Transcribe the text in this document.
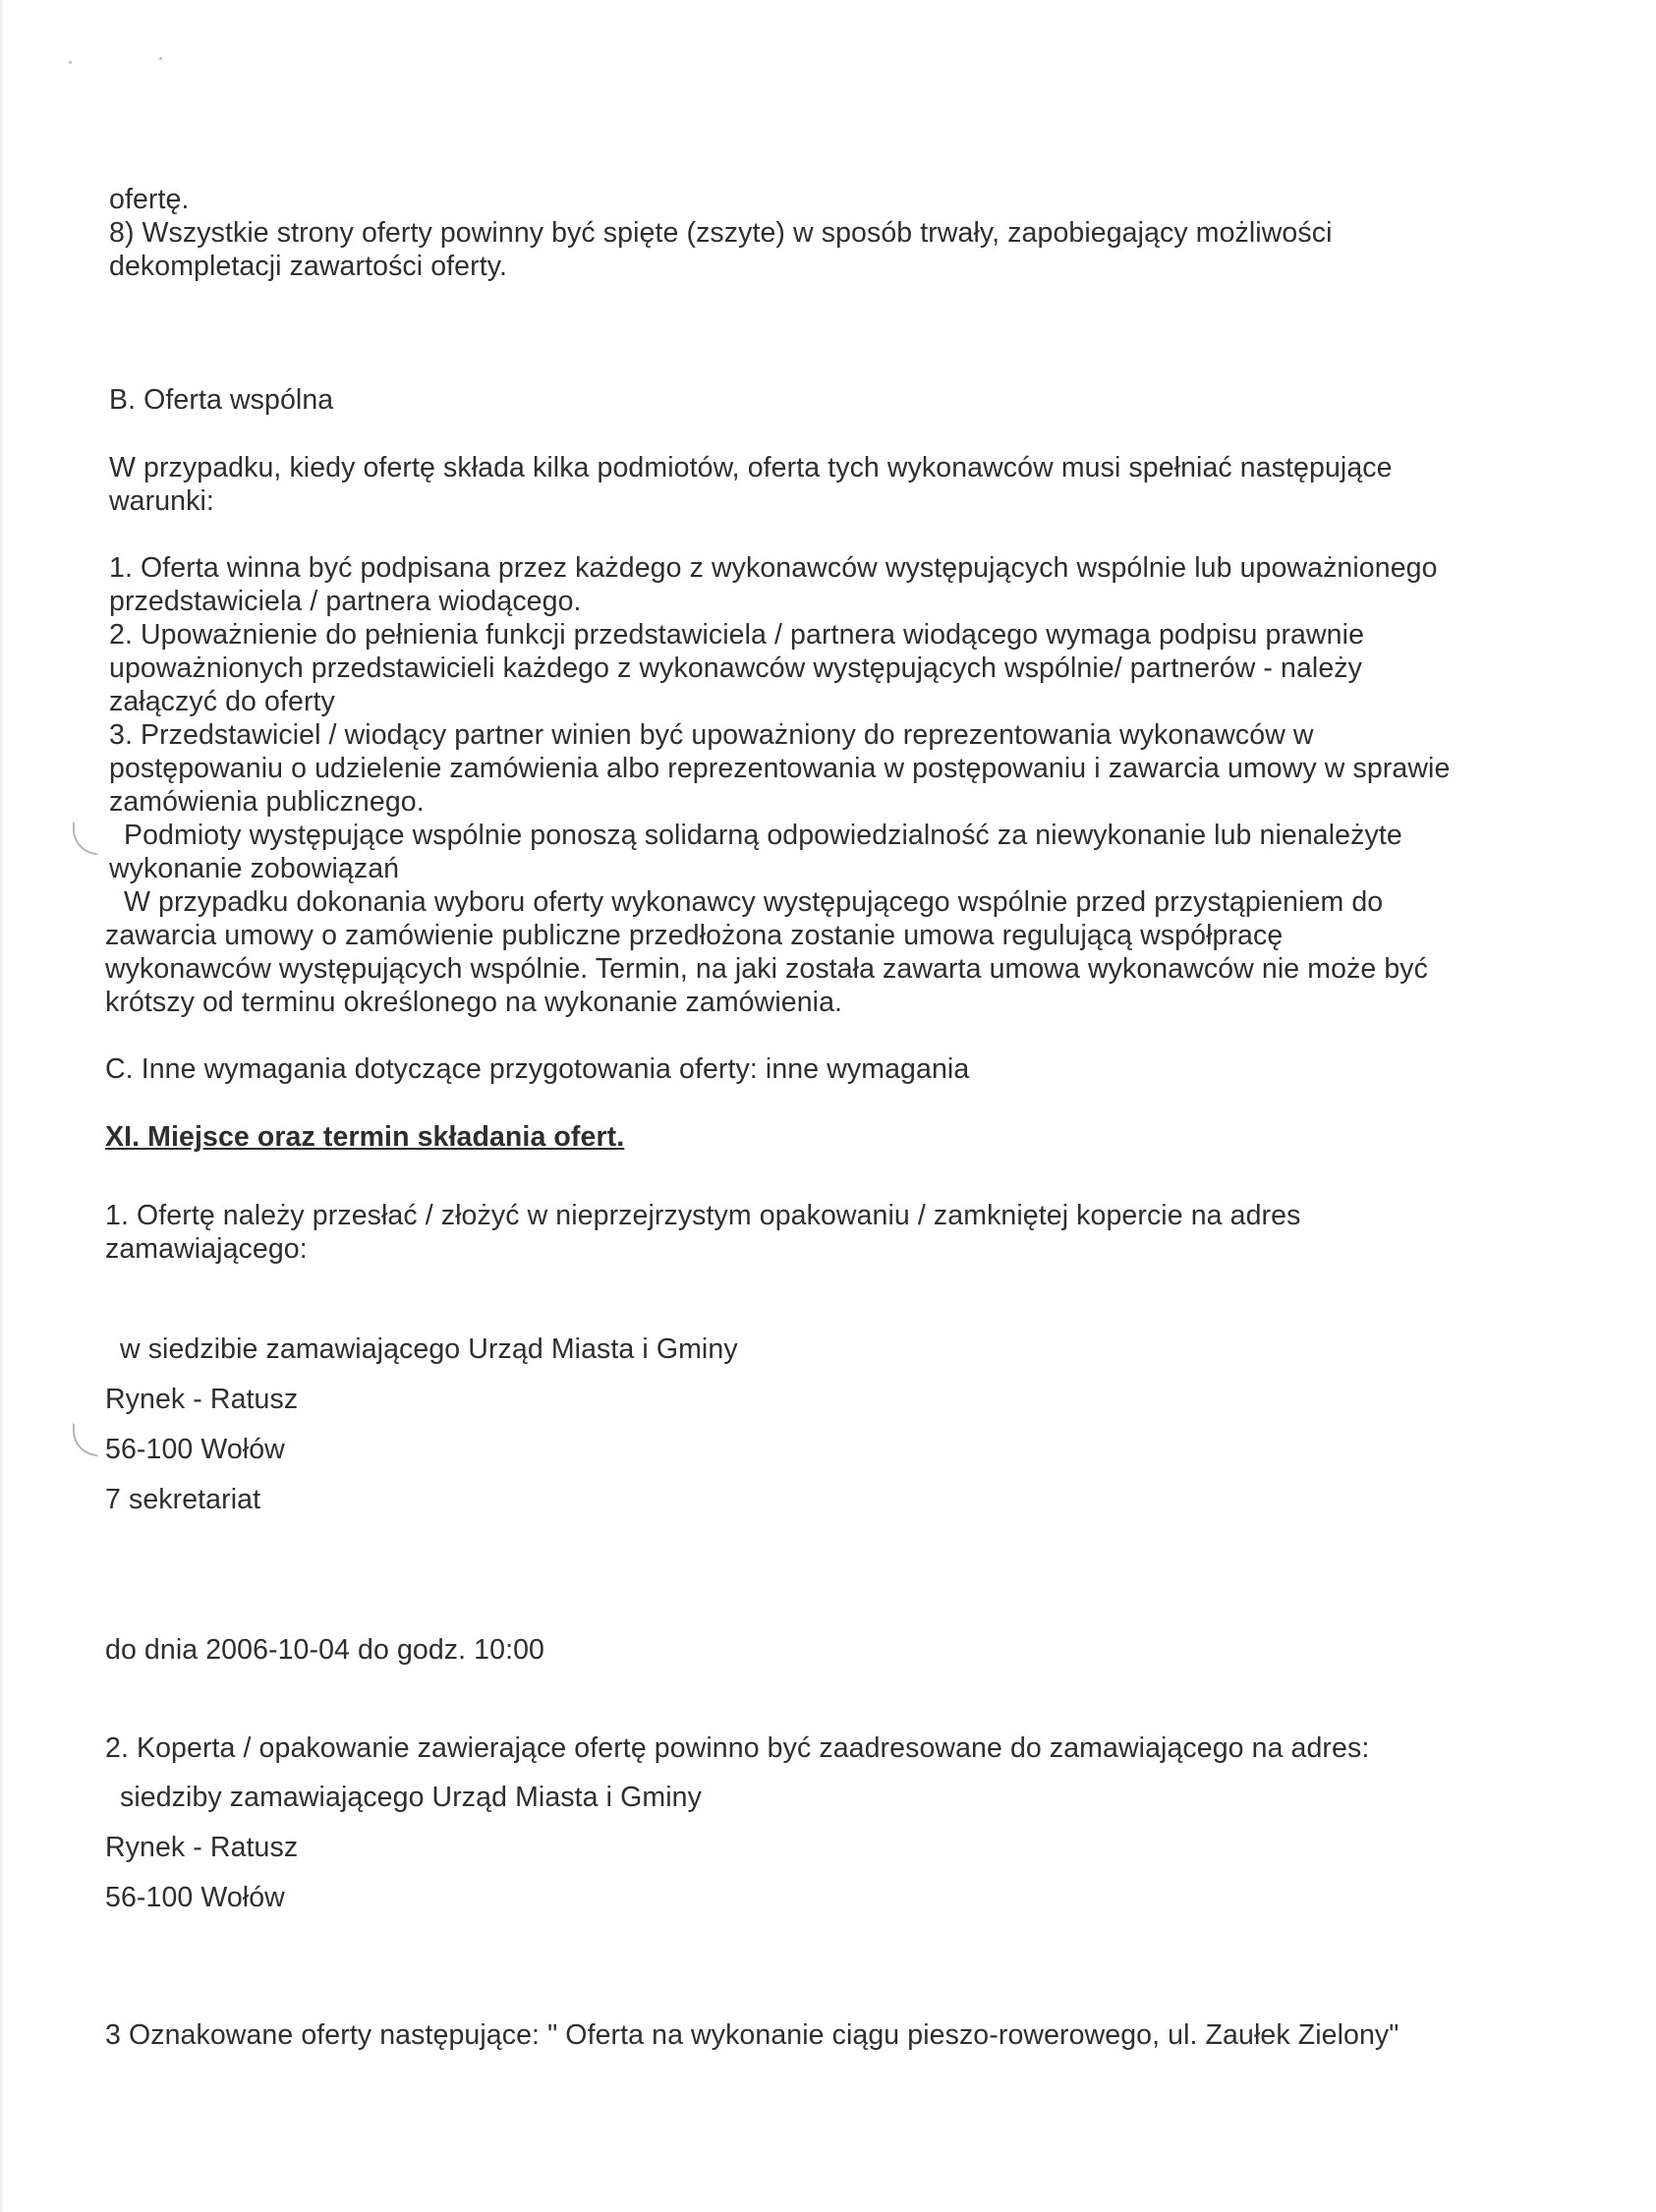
ofertę.
8) Wszystkie strony oferty powinny być spięte (zszyte) w sposób trwały, zapobiegający możliwości
dekompletacji zawartości oferty.
B. Oferta wspólna
W przypadku, kiedy ofertę składa kilka podmiotów, oferta tych wykonawców musi spełniać następujące
warunki:
1. Oferta winna być podpisana przez każdego z wykonawców występujących wspólnie lub upoważnionego
przedstawiciela / partnera wiodącego.
2. Upoważnienie do pełnienia funkcji przedstawiciela / partnera wiodącego wymaga podpisu prawnie
upoważnionych przedstawicieli każdego z wykonawców występujących wspólnie/ partnerów - należy
załączyć do oferty
3. Przedstawiciel / wiodący partner winien być upoważniony do reprezentowania wykonawców w
postępowaniu o udzielenie zamówienia albo reprezentowania w postępowaniu i zawarcia umowy w sprawie
zamówienia publicznego.
Podmioty występujące wspólnie ponoszą solidarną odpowiedzialność za niewykonanie lub nienależyte
wykonanie zobowiązań
W przypadku dokonania wyboru oferty wykonawcy występującego wspólnie przed przystąpieniem do
zawarcia umowy o zamówienie publiczne przedłożona zostanie umowa regulującą współpracę
wykonawców występujących wspólnie. Termin, na jaki została zawarta umowa wykonawców nie może być
krótszy od terminu określonego na wykonanie zamówienia.
C. Inne wymagania dotyczące przygotowania oferty: inne wymagania
XI. Miejsce oraz termin składania ofert.
1. Ofertę należy przesłać / złożyć w nieprzejrzystym opakowaniu / zamkniętej kopercie na adres
zamawiającego:
w siedzibie zamawiającego Urząd Miasta i Gminy
Rynek - Ratusz
56-100 Wołów
7 sekretariat
do dnia 2006-10-04 do godz. 10:00
2. Koperta / opakowanie zawierające ofertę powinno być zaadresowane do zamawiającego na adres:
siedziby zamawiającego Urząd Miasta i Gminy
Rynek - Ratusz
56-100 Wołów
3 Oznakowane oferty następujące: " Oferta na wykonanie ciągu pieszo-rowerowego, ul. Zaułek Zielony"
